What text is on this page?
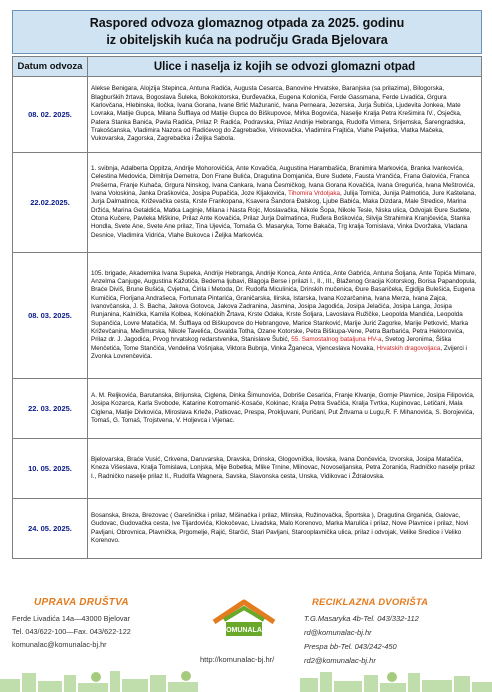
Raspored odvoza glomaznog otpada za 2025. godinu
iz obiteljskih kuća na području Grada Bjelovara
Datum odvoza	Ulice i naselja iz kojih se odvozi glomazni otpad
08. 02. 2025.	Alekse Benigara, Alojzija Stepinca, Antuna Radića, Augusta Cesarca, Banovine Hrvatske, Baranjska (sa prilazima), Bilogorska, Blagburških žrtava, Bogoslava Šuleka, Bokokotorska, Đurđevačka, Eugena Kolonića, Ferde Gassmana, Ferde Livadića, Grgura Karlovčana, Hlebinska, Iločka, Ivana Gorana, Ivane Brlić Mažuranić, Ivana Perneara, Jezerska, Jurja Šubića, Ljudevita Jonkea, Mate Lovraka, Matije Gupca, Milana Šufflaya od Matije Gupca do Biškupovce, Mirka Bogovića, Naselje Kralja Petra Krešimira IV., Osječka, Patera Stanka Banića, Pavla Radića, Prilaz P. Radića, Podravska, Prilaz Andrije Hebranga, Rudolfa Vimera, Srijemska, Šarengradska, Trakošćanska, Vladimira Nazora od Radićevog do Zagrebačke, Vinkovačka, Vladimira Frajtića, Vlahe Paljetka, Vlatka Mačeka, Vukovarska, Zagorska, Zagrebačka i Željka Sabola.
22.02.2025.	1. svibnja, Adalberta Oppitza, Andrije Mohorovičića, Ante Kovačića, Augustina Harambašića, Branimira Markovića, Branka Ivankovića, Celestina Medovića, Dimitrija Demetra, Don Frane Bulića, Dragutina Domjanića, Đure Sudete, Fausta Vrančića, Frana Galovića, Franca Prešerna, Franje Kuhača, Grgura Ninskog, Ivana Cankara, Ivana Česmičkog, Ivana Gorana Kovačića, Ivana Gregurića, Ivana Meštrovića, Ivana Voloskina, Janka Draškovića, Josipa Pupačića, Joze Kljakovića, Tihomira Vrdoljaka, Julija Tomića, Junija Palmotića, Jure Kaštelana, Jurja Dalmatinca, Križevačka cesta, Krste Frankopana, Ksavera Šandora Đalskog, Ljube Babića, Maka Dizdara, Male Stredice, Marina Držića, Marina Getaldića, Matka Laginje, Milana i Nasta Rojc, Moslavačka, Nikole Šopa, Nikole Tesle, Niska ulica, Odvojak Đure Sudete, Otona Kučere, Pavleka Miškine, Prilaz Ante Kovačića, Prilaz Jurja Dalmatinca, Ruđera Boškovića, Silvija Strahimira Kranjčevića, Stanka Hondla, Svete Ane, Svete Ane prilaz, Tina Ujevića, Tomaša G. Masaryka, Tome Bakača, Trg kralja Tomislava, Vinka Dvoržaka, Vladana Desnice, Vladimira Vidrića, Vlahe Bukovca i Željka Markovića.
08. 03. 2025.	105. brigade, Akademika Ivana Supeka, Andrije Hebranga, Andrije Konca, Ante Antića, Ante Gabrića, Antuna Šoljana, Ante Topića Mimare, Anzelma Canjuge, Augustina Kažotića, Bedema ljubavi, Blagoja Berse i prilazi I., II., III., Blaženog Gracija Kotorskog, Borisa Papandopula, Braće Diviš, Brune Bušića, Cvjetna, Ćirila i Metoda, Dr. Rudolfa Miculinića, Drinskih mučenica, Đure Basaričeka, Egidija Bulešića, Eugena Kumičića, Florijana Andrašeca, Fortunata Pintarića, Graničarska, Ilirska, Istarska, Ivana Kozarčanina, Ivana Merza, Ivana Zajca, Ivanovčanska, J. S. Bacha, Jakova Gotovca, Jakova Zadranina, Jasmina, Josipa Jagodića, Josipa Jelačića, Josipa Langa, Josipa Runjanina, Kalnička, Kamila Kolbea, Kokinačkih Žrtava, Krste Odaka, Krste Šoljara, Lavoslava Ružičke, Leopolda Mandića, Leopolda Supančića, Lovre Matačića, M. Šufflaya od Biškupovce do Hebrangove, Marice Stanković, Marije Jurić Zagorke, Marije Petković, Marka Križevčanina, Međimurska, Nikole Tavelića, Osvalda Totha, Ozane Kotorske, Petra Biškupa-Vene, Petra Barbarića, Petra Hektorovića, Prilaz dr. J. Jagodića, Prvog hrvatskog redarstvenika, Stanislave Šubić, 55. Samostalnog bataljuna HV-a, Svetog Jeronima, Šiška Menčetića, Tome Stančića, Vendelina Vošnjaka, Viktora Bubnja, Vinka Žganeca, Vjenceslava Novaka, Hrvatskih dragovoljaca, Zvijerci i Zvonka Lovrenčevića.
22. 03. 2025.	A. M. Reljkovića, Barutanska, Brijunska, Ciglena, Dinka Šimunovića, Dobriše Cesarića, Franje Klvanje, Gornje Plavnice, Josipa Filipovića, Josipa Kozarca, Karla Svobode, Katarine Kotromanić-Kosače, Kokinac, Kralja Petra Svačića, Kralja Tvrtka, Kupinovac, Letičani, Mala Ciglena, Matije Divkovića, Miroslava Krleže, Patkovac, Prespa, Prokljuvani, Puričani, Put Žrtvama u Lugu,R. F. Mihanovića, S. Borojevića, Tomaš, G. Tomaš, Trojstvena, V. Holjevca i Vijenac.
10. 05. 2025.	Bjelovarska, Braće Vusić, Crkvena, Daruvarska, Dravska, Drinska, Glogovnička, Ilovska, Ivana Dončevića, Izvorska, Josipa Matačića, Kneza Višeslava, Kralja Tomislava, Lonjska, Mije Bobetka, Mlike Trnine, Mlinovac, Novoseljanska, Petra Zoranića, Radničko naselje prilaz I., Radničko naselje prilaz II., Rudolfa Wagnera, Savska, Slavonska cesta, Unska, Vidikovac i Ždralovska.
24. 05. 2025.	Bosanska, Breza, Brezovac ( Garešnička i prilaz, Mišinačka i prilaz, Mlinska, Ružinovačka, Športska ), Dragutina Grganića, Galovac, Gudovac, Gudovačka cesta, Ive Tijardovića, Klokočevac, Livadska, Malo Korenovo, Marka Marulića i prilaz, Nove Plavnice i prilaz, Novi Pavljani, Obrovnica, Plavnička, Prgomelje, Rajić, Starčić, Stari Pavljani, Starooplavnička ulica, prilaz i odvojak, Velike Sredice i Veliko Korenovo.
UPRAVA DRUŠTVA
Ferde Livadića 14a—43000 Bjelovar
Tel. 043/622-100—Fax. 043/622-122
komunalac@komunalac-bj.hr
KOMUNALAC
http://komunalac-bj.hr/
RECIKLAZNA DVORIŠTA
T.G.Masaryka 4b-Tel. 043/332-112
rd@komunalac-bj.hr
Prespa bb-Tel. 043/242-450
rd2@komunalac-bj.hr
